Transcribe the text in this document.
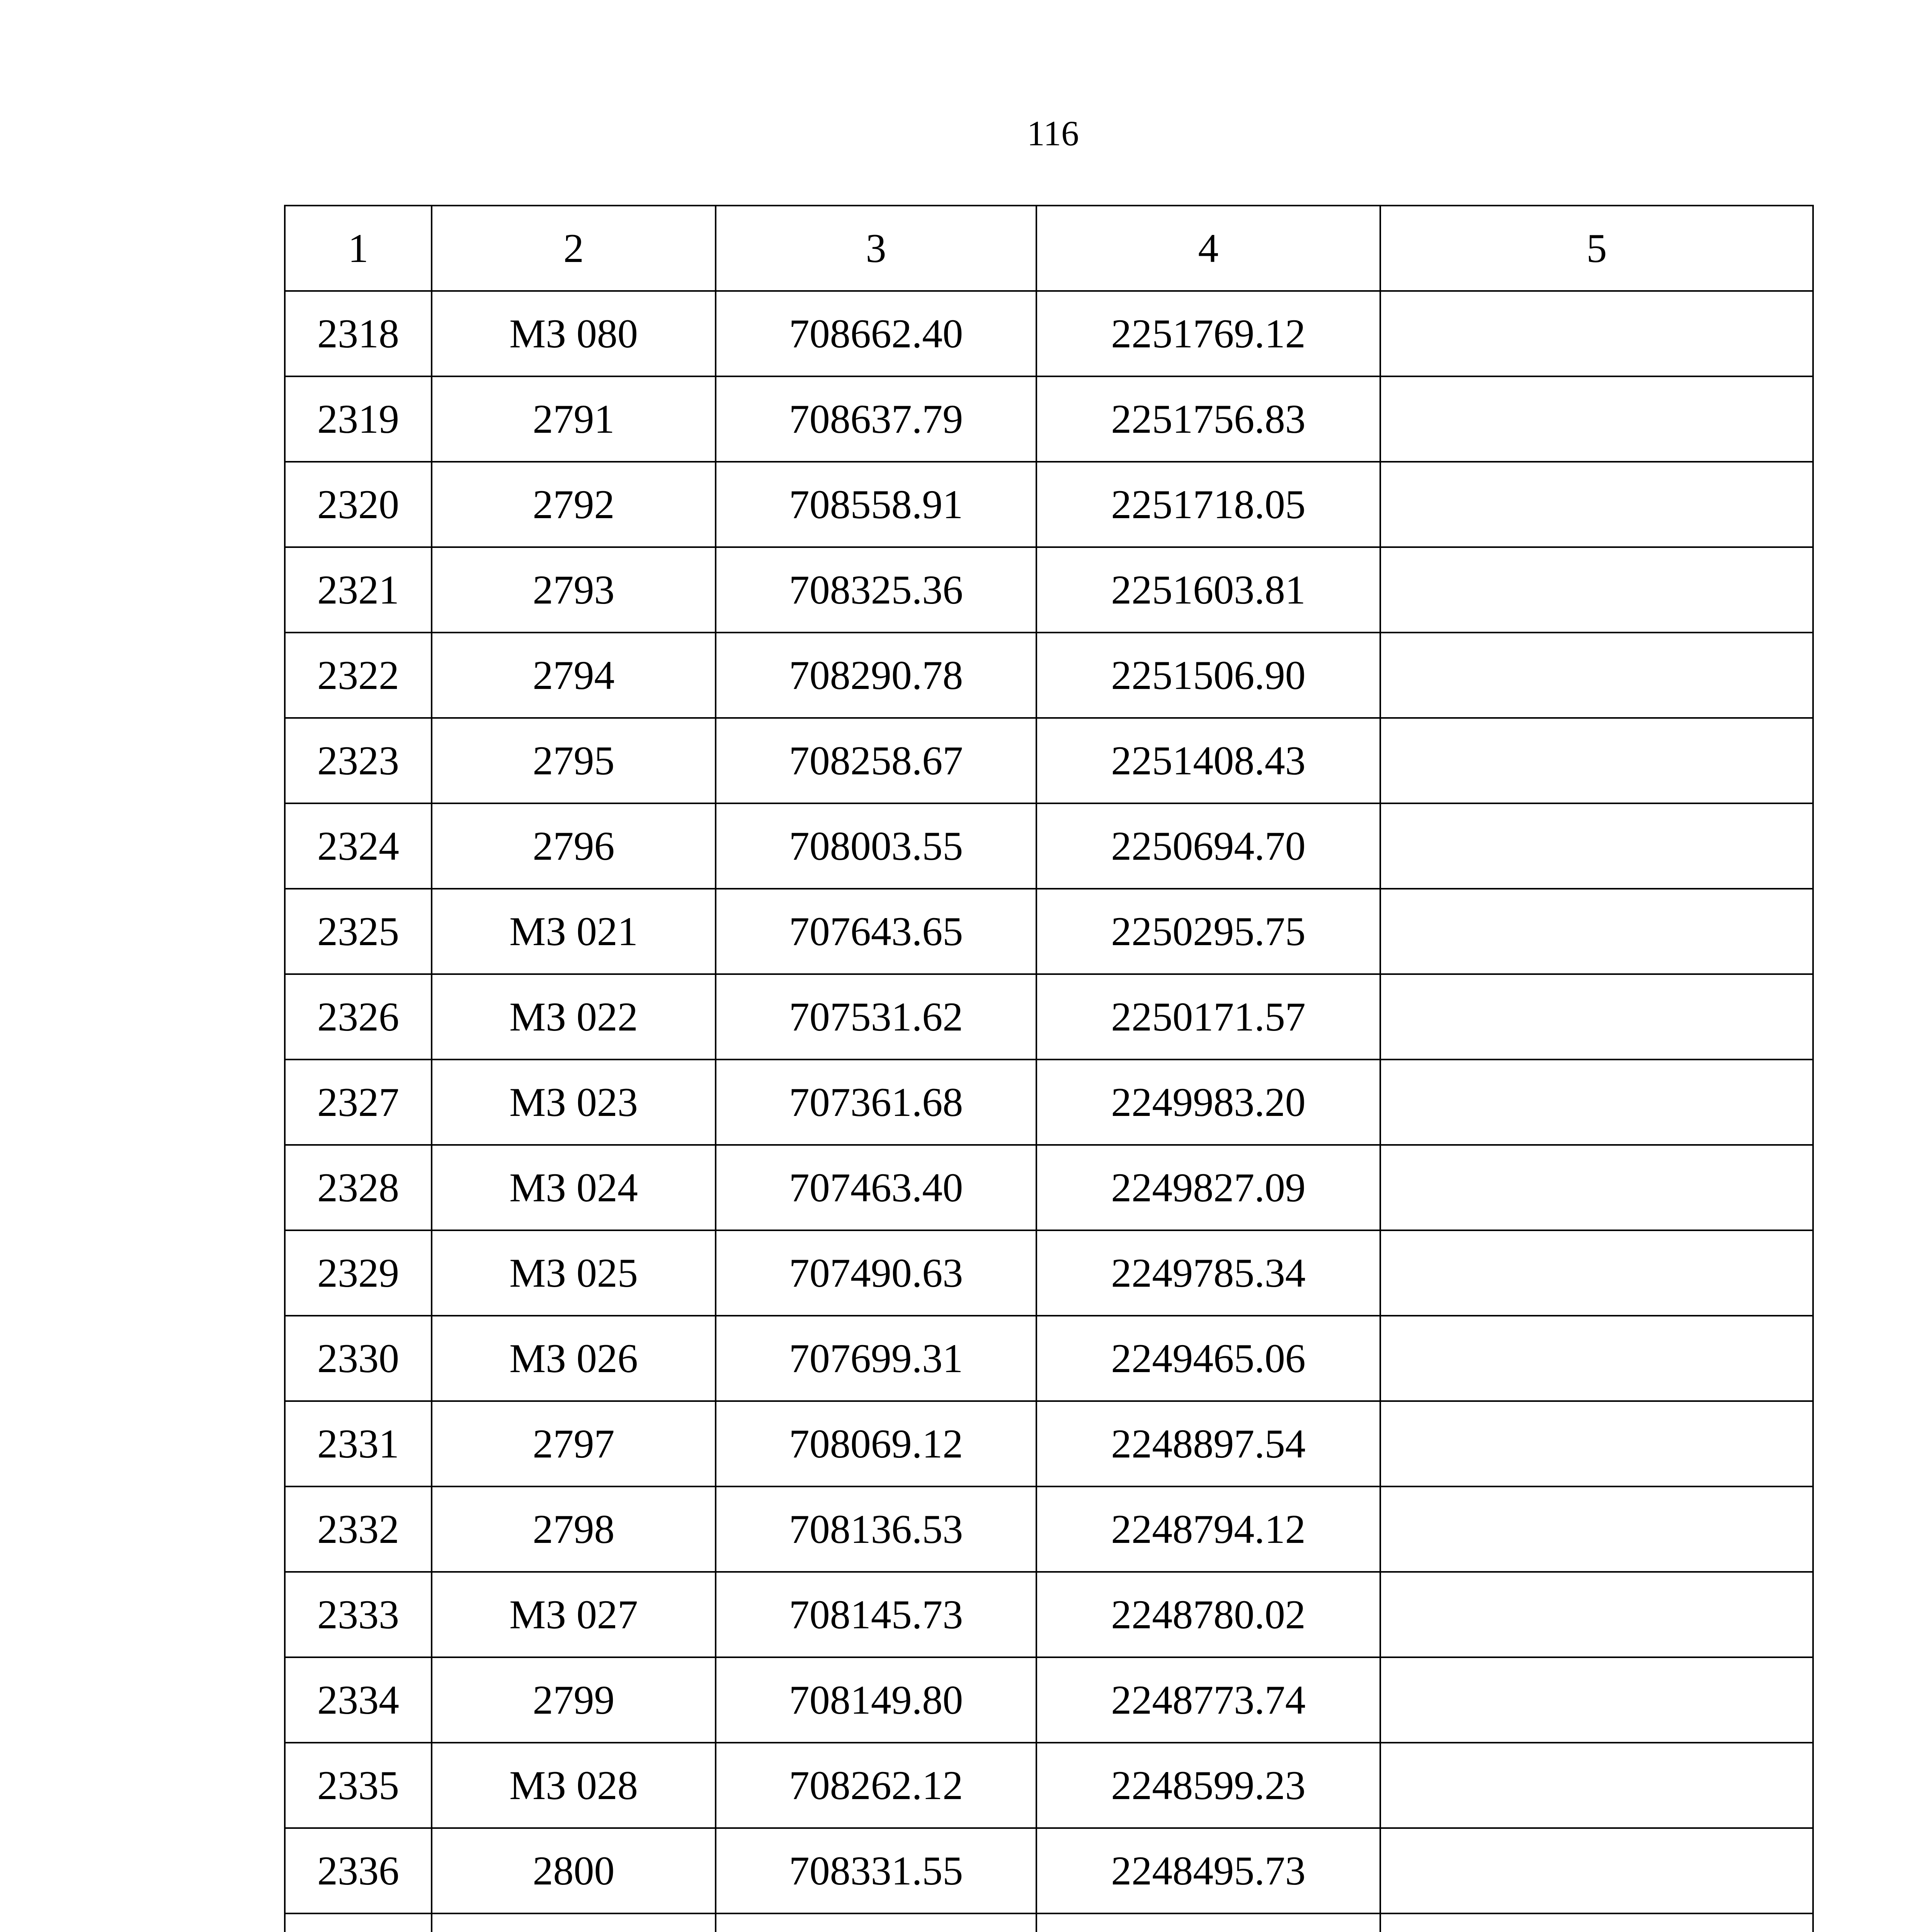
116
1	2	3	4	5
2318	МЗ 080	708662.40	2251769.12	
2319	2791	708637.79	2251756.83	
2320	2792	708558.91	2251718.05	
2321	2793	708325.36	2251603.81	
2322	2794	708290.78	2251506.90	
2323	2795	708258.67	2251408.43	
2324	2796	708003.55	2250694.70	
2325	МЗ 021	707643.65	2250295.75	
2326	МЗ 022	707531.62	2250171.57	
2327	МЗ 023	707361.68	2249983.20	
2328	МЗ 024	707463.40	2249827.09	
2329	МЗ 025	707490.63	2249785.34	
2330	МЗ 026	707699.31	2249465.06	
2331	2797	708069.12	2248897.54	
2332	2798	708136.53	2248794.12	
2333	МЗ 027	708145.73	2248780.02	
2334	2799	708149.80	2248773.74	
2335	МЗ 028	708262.12	2248599.23	
2336	2800	708331.55	2248495.73	
